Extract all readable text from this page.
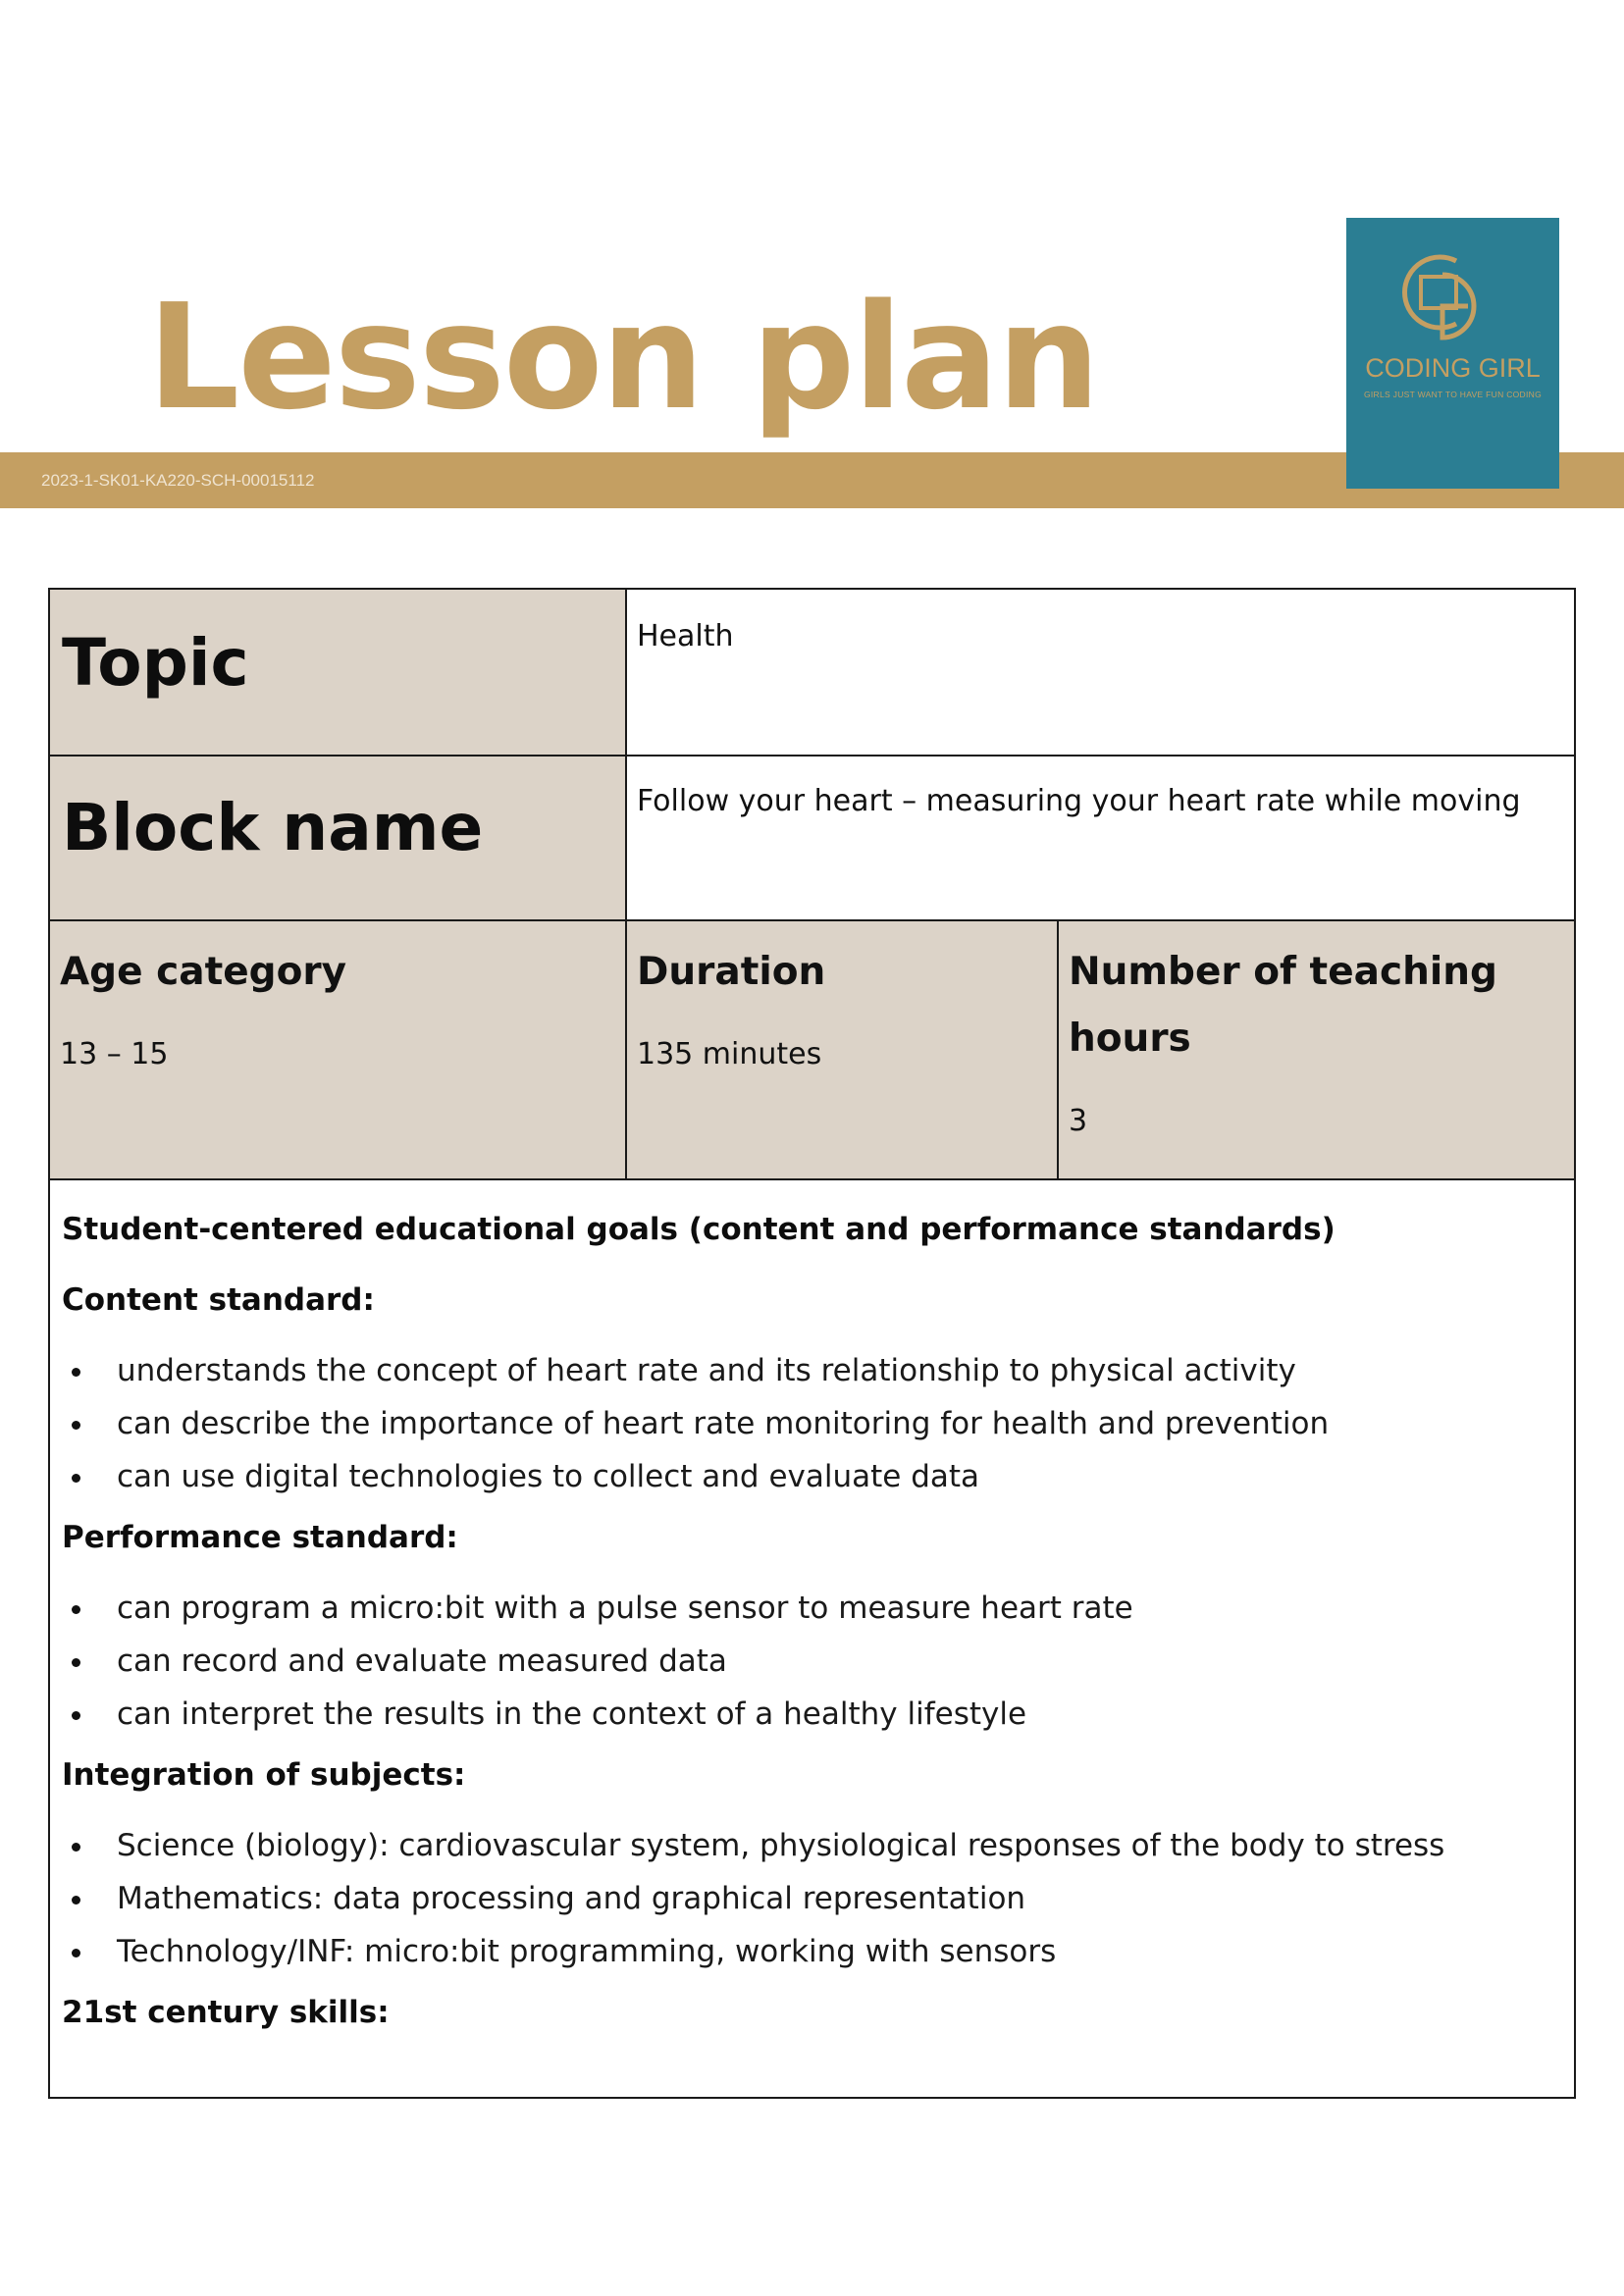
Lesson plan
2023-1-SK01-KA220-SCH-00015112
CODING GIRL
GIRLS JUST WANT TO HAVE FUN CODING
Topic	Health
Block name	Follow your heart – measuring your heart rate while moving
Age category
13 – 15
Duration
135 minutes
Number of teaching
hours
3
Student-centered educational goals (content and performance standards)
Content standard:
understands the concept of heart rate and its relationship to physical activity
can describe the importance of heart rate monitoring for health and prevention
can use digital technologies to collect and evaluate data
Performance standard:
can program a micro:bit with a pulse sensor to measure heart rate
can record and evaluate measured data
can interpret the results in the context of a healthy lifestyle
Integration of subjects:
Science (biology): cardiovascular system, physiological responses of the body to stress
Mathematics: data processing and graphical representation
Technology/INF: micro:bit programming, working with sensors
21st century skills:
